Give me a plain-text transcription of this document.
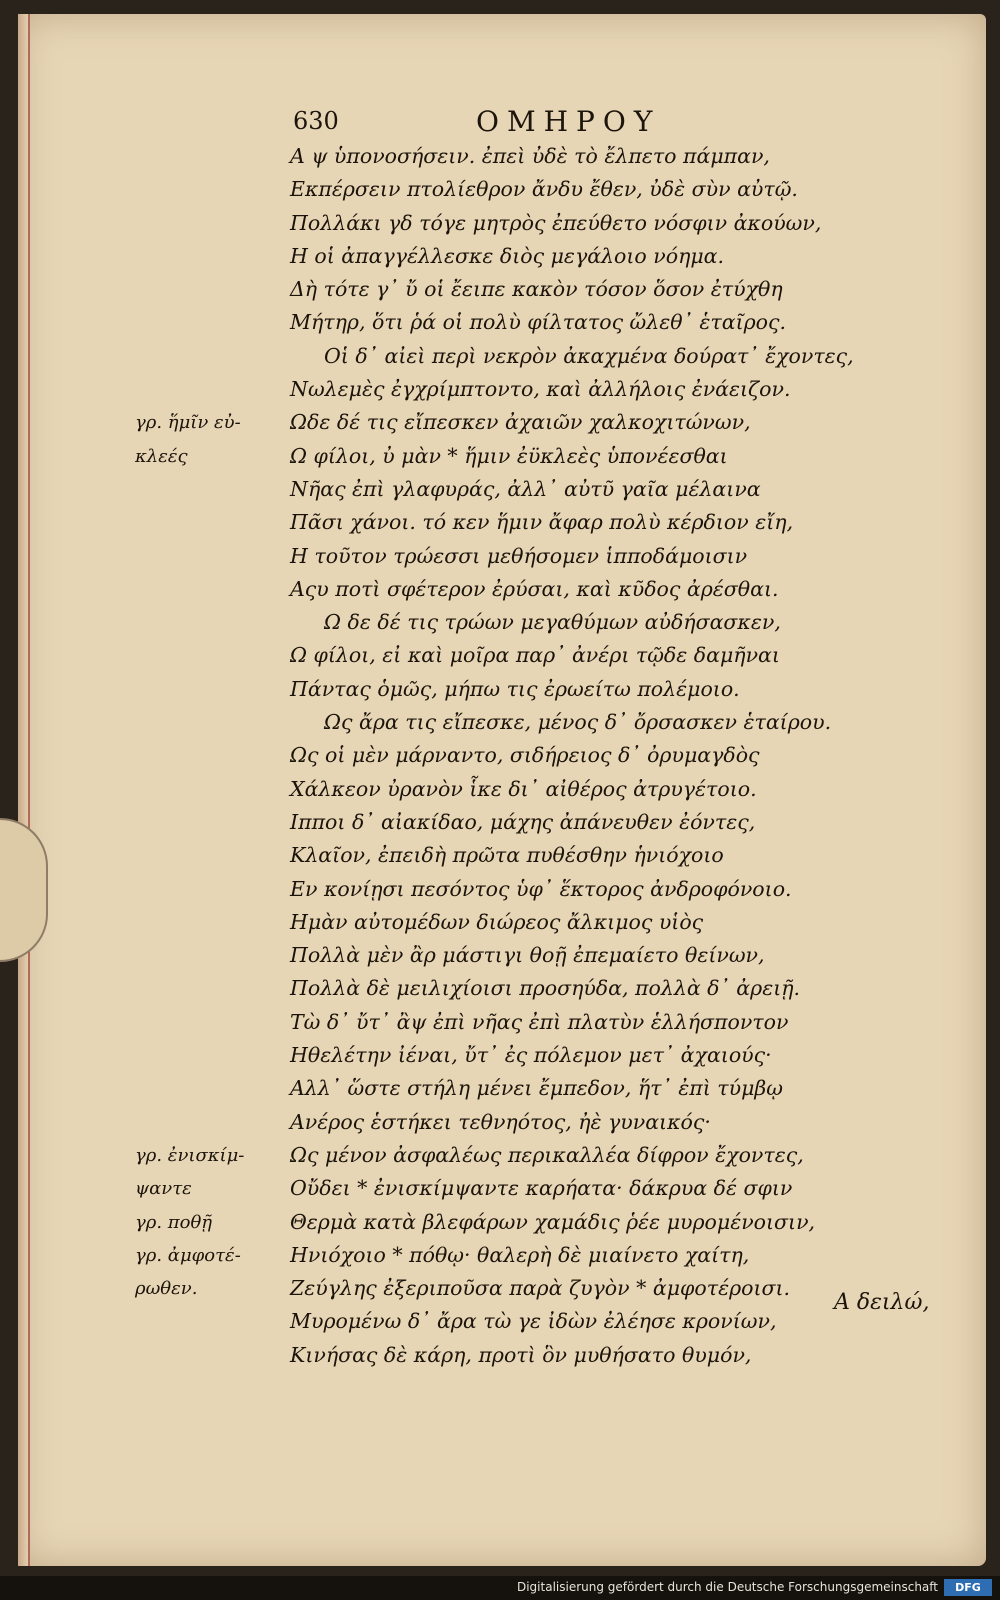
630	ΟΜΗΡΟΥ
Α ψ ὑπονοσήσειν. ἐπεὶ ὐδὲ τὸ ἔλπετο πάμπαν,
Εκπέρσειν πτολίεθρον ἄνδυ ἔθεν, ὐδὲ σὺν αὐτῷ.
Πολλάκι γδ τόγε μητρὸς ἐπεύθετο νόσφιν ἀκούων,
Η οἱ ἀπαγγέλλεσκε διὸς μεγάλοιο νόημα.
Δὴ τότε γ᾽ ὔ οἱ ἔειπε κακὸν τόσον ὅσον ἐτύχθη
Μήτηρ, ὅτι ῥά οἱ πολὺ φίλτατος ὤλεθ᾽ ἑταῖρος.
Οἱ δ᾽ αἰεὶ περὶ νεκρὸν ἀκαχμένα δούρατ᾽ ἔχοντες,
Νωλεμὲς ἐγχρίμπτοντο, καὶ ἀλλήλοις ἐνάειζον.
Ωδε δέ τις εἴπεσκεν ἀχαιῶν χαλκοχιτώνων,
Ω φίλοι, ὐ μὰν * ἥμιν ἐϋκλεὲς ὑπονέεσθαι
Νῆας ἐπὶ γλαφυράς, ἀλλ᾽ αὐτῦ γαῖα μέλαινα
Πᾶσι χάνοι. τό κεν ἥμιν ἄφαρ πολὺ κέρδιον εἴη,
Η τοῦτον τρώεσσι μεθήσομεν ἱπποδάμοισιν
Αςυ ποτὶ σφέτερον ἐρύσαι, καὶ κῦδος ἀρέσθαι.
Ω δε δέ τις τρώων μεγαθύμων αὐδήσασκεν,
Ω φίλοι, εἰ καὶ μοῖρα παρ᾽ ἀνέρι τῷδε δαμῆναι
Πάντας ὁμῶς, μήπω τις ἐρωείτω πολέμοιο.
Ως ἄρα τις εἴπεσκε, μένος δ᾽ ὄρσασκεν ἑταίρου.
Ως οἱ μὲν μάρναντο, σιδήρειος δ᾽ ὀρυμαγδὸς
Χάλκεον ὐρανὸν ἷκε δι᾽ αἰθέρος ἀτρυγέτοιο.
Ιπποι δ᾽ αἰακίδαο, μάχης ἀπάνευθεν ἐόντες,
Κλαῖον, ἐπειδὴ πρῶτα πυθέσθην ἡνιόχοιο
Εν κονίῃσι πεσόντος ὑφ᾽ ἕκτορος ἀνδροφόνοιο.
Ημὰν αὐτομέδων διώρεος ἄλκιμος υἱὸς
Πολλὰ μὲν ἂρ μάστιγι θοῇ ἐπεμαίετο θείνων,
Πολλὰ δὲ μειλιχίοισι προσηύδα, πολλὰ δ᾽ ἀρειῇ.
Τὼ δ᾽ ὔτ᾽ ἂψ ἐπὶ νῆας ἐπὶ πλατὺν ἑλλήσποντον
Ηθελέτην ἰέναι, ὔτ᾽ ἐς πόλεμον μετ᾽ ἀχαιούς·
Αλλ᾽ ὥστε στήλη μένει ἔμπεδον, ἥτ᾽ ἐπὶ τύμβῳ
Ανέρος ἑστήκει τεθνηότος, ἠὲ γυναικός·
Ως μένον ἀσφαλέως περικαλλέα δίφρον ἔχοντες,
Οὔδει * ἐνισκίμψαντε καρήατα· δάκρυα δέ σφιν
Θερμὰ κατὰ βλεφάρων χαμάδις ῥέε μυρομένοισιν,
Ηνιόχοιο * πόθῳ· θαλερὴ δὲ μιαίνετο χαίτη,
Ζεύγλης ἐξεριποῦσα παρὰ ζυγὸν * ἀμφοτέροισι.
Μυρομένω δ᾽ ἄρα τὼ γε ἰδὼν ἐλέησε κρονίων,
Κινήσας δὲ κάρη, προτὶ ὃν μυθήσατο θυμόν,
γρ. ἥμῖν εὐ-
κλεές
γρ. ἐνισκίμ-
ψαντε
γρ. ποθῇ
γρ. ἀμφοτέ-
ρωθεν.
Α δειλώ,
Digitalisierung gefördert durch die Deutsche Forschungsgemeinschaft	DFG
